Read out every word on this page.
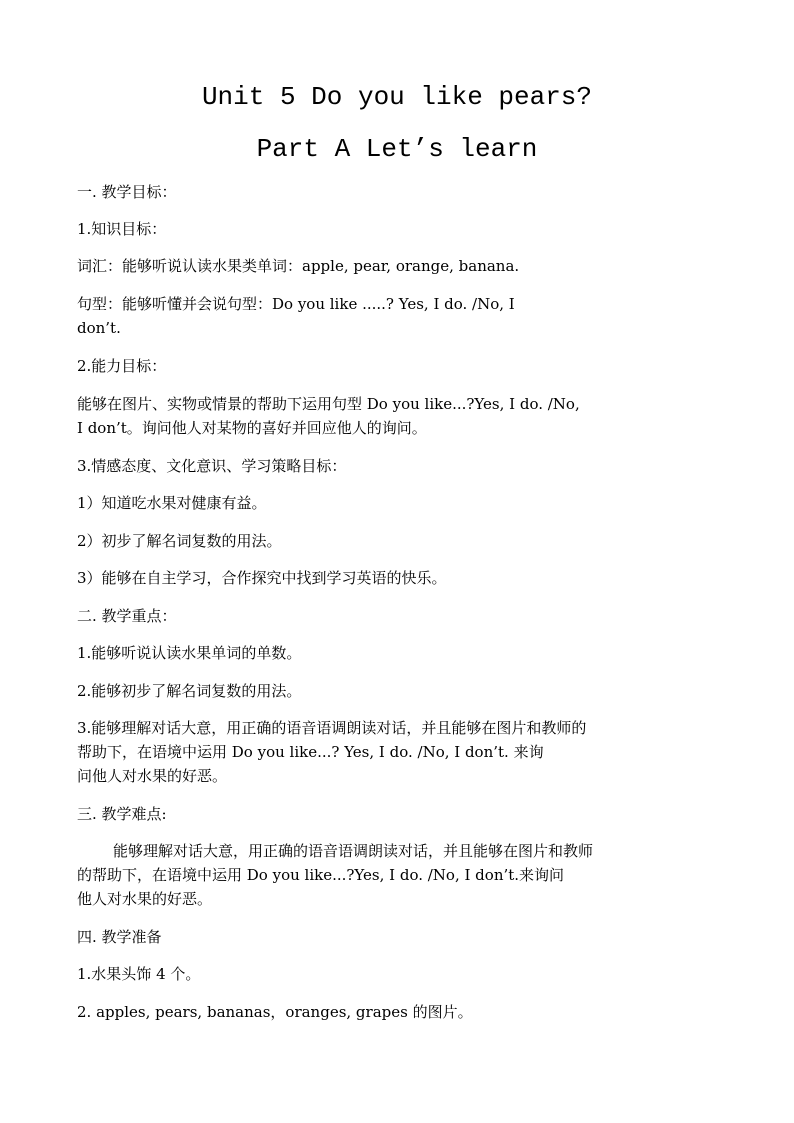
Unit 5 Do you like pears?
Part A Let’s learn
一. 教学目标：
1.知识目标：
词汇：能够听说认读水果类单词：apple, pear, orange, banana.
句型：能够听懂并会说句型：Do you like .....? Yes, I do. /No, I
don’t.
2.能力目标：
能够在图片、实物或情景的帮助下运用句型 Do you like...?Yes, I do. /No,
I don’t。询问他人对某物的喜好并回应他人的询问。
3.情感态度、文化意识、学习策略目标：
1）知道吃水果对健康有益。
2）初步了解名词复数的用法。
3）能够在自主学习，合作探究中找到学习英语的快乐。
二. 教学重点：
1.能够听说认读水果单词的单数。
2.能够初步了解名词复数的用法。
3.能够理解对话大意，用正确的语音语调朗读对话，并且能够在图片和教师的
帮助下，在语境中运用 Do you like...? Yes, I do. /No, I don’t. 来询
问他人对水果的好恶。
三. 教学难点:
能够理解对话大意，用正确的语音语调朗读对话，并且能够在图片和教师
的帮助下，在语境中运用 Do you like...?Yes, I do. /No, I don’t.来询问
他人对水果的好恶。
四. 教学准备
1.水果头饰 4 个。
2. apples, pears, bananas，oranges, grapes 的图片。
